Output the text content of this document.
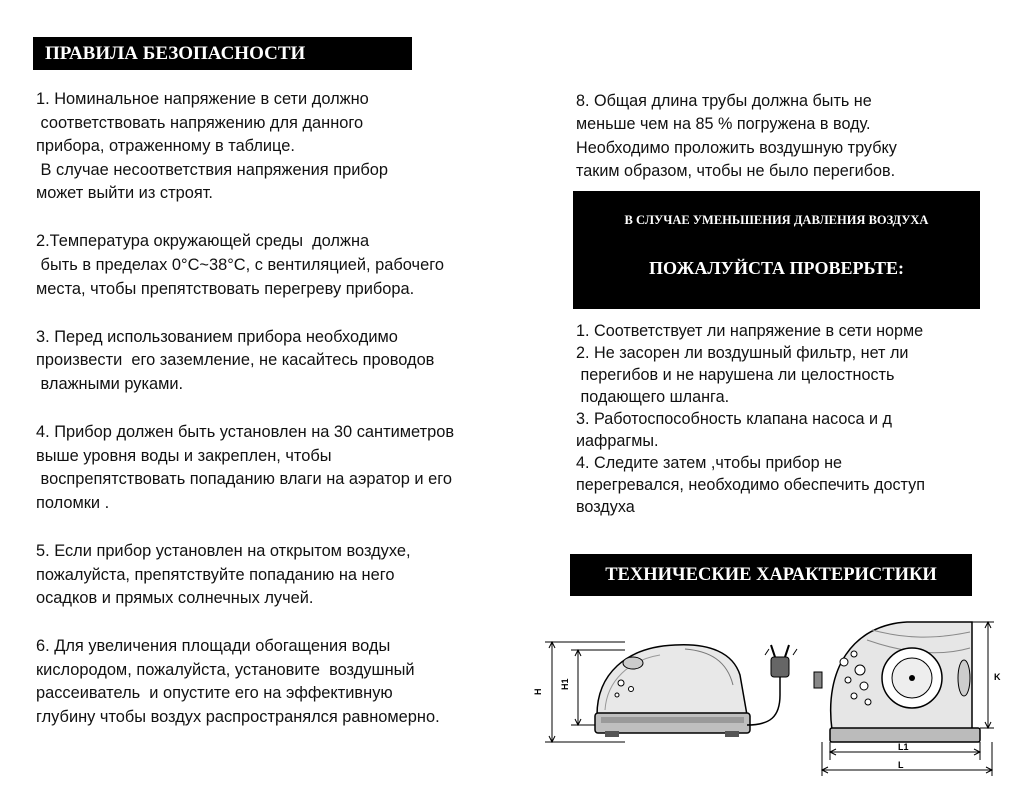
ПРАВИЛА БЕЗОПАСНОСТИ

1. Номинальное напряжение в сети должно

соответствовать напряжению для данного

прибора, отраженному в таблице.

В случае несоответствия напряжения прибор

может выйти из строят.

2.Температура окружающей среды  должна

быть в пределах 0°C~38°C, с вентиляцией, рабочего

места, чтобы препятствовать перегреву прибора.

3. Перед использованием прибора необходимо

произвести  его заземление, не касайтесь проводов

влажными руками.

4. Прибор должен быть установлен на 30 сантиметров

выше уровня воды и закреплен, чтобы

воспрепятствовать попаданию влаги на аэратор и его

поломки .

5. Если прибор установлен на открытом воздухе,

пожалуйста, препятствуйте попаданию на него

осадков и прямых солнечных лучей.

6. Для увеличения площади обогащения воды

кислородом, пожалуйста, установите  воздушный

рассеиватель  и опустите его на эффективную

глубину чтобы воздух распространялся равномерно.

8. Общая длина трубы должна быть не

меньше чем на 85 % погружена в воду.

Необходимо проложить воздушную трубку

таким образом, чтобы не было перегибов.

В СЛУЧАЕ УМЕНЬШЕНИЯ ДАВЛЕНИЯ ВОЗДУХА
ПОЖАЛУЙСТА ПРОВЕРЬТЕ:

1. Соответствует ли напряжение в сети норме

2. Не засорен ли воздушный фильтр, нет ли

перегибов и не нарушена ли целостность

подающего шланга.

3. Работоспособность клапана насоса и д

иафрагмы.

4. Следите затем ,чтобы прибор не

перегревался, необходимо обеспечить доступ

воздуха

ТЕХНИЧЕСКИЕ ХАРАКТЕРИСТИКИ
H
H1
K
L1
L
